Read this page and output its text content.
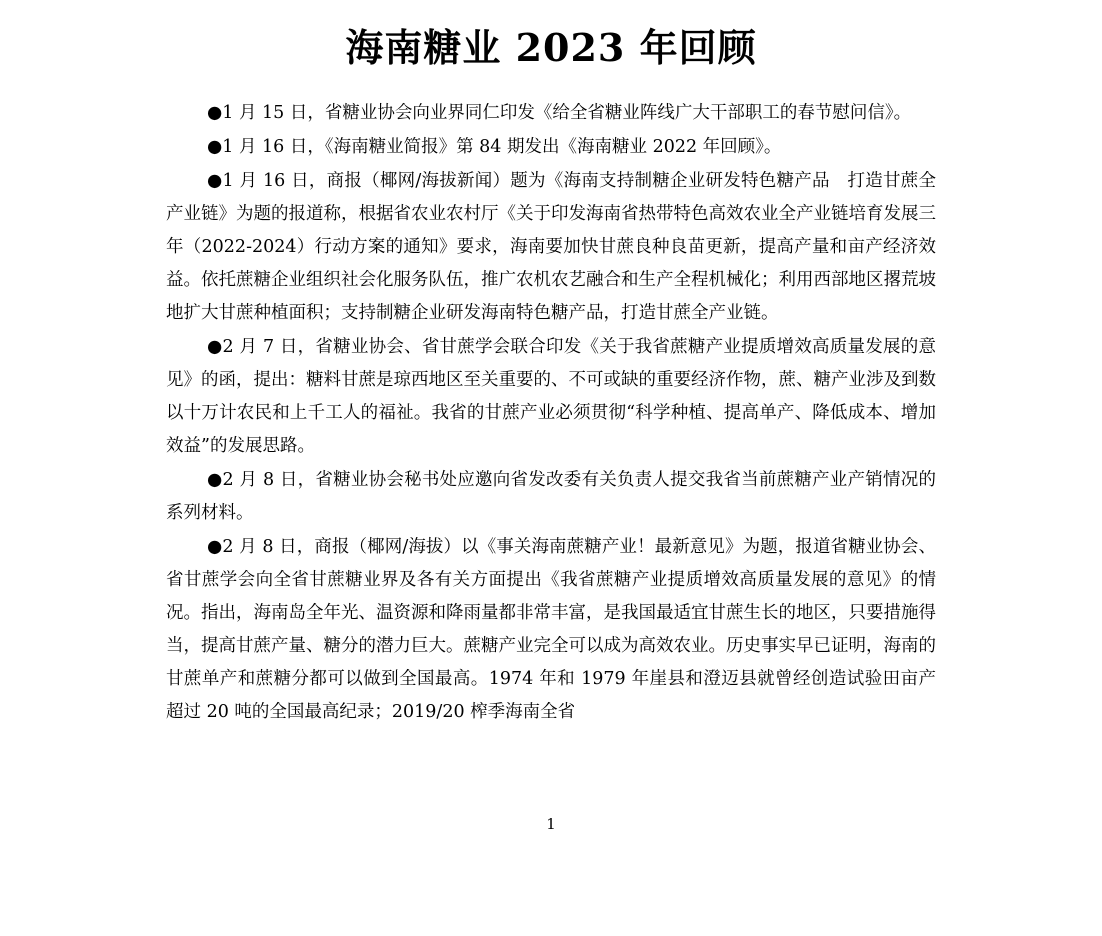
海南糖业 2023 年回顾

●1 月 15 日，省糖业协会向业界同仁印发《给全省糖业阵线广大干部职工的春节慰问信》。

●1 月 16 日，《海南糖业简报》第 84 期发出《海南糖业 2022 年回顾》。

●1 月 16 日，商报（椰网/海拔新闻）题为《海南支持制糖企业研发特色糖产品　打造甘蔗全产业链》为题的报道称，根据省农业农村厅《关于印发海南省热带特色高效农业全产业链培育发展三年（2022-2024）行动方案的通知》要求，海南要加快甘蔗良种良苗更新，提高产量和亩产经济效益。依托蔗糖企业组织社会化服务队伍，推广农机农艺融合和生产全程机械化；利用西部地区撂荒坡地扩大甘蔗种植面积；支持制糖企业研发海南特色糖产品，打造甘蔗全产业链。

●2 月 7 日，省糖业协会、省甘蔗学会联合印发《关于我省蔗糖产业提质增效高质量发展的意见》的函，提出：糖料甘蔗是琼西地区至关重要的、不可或缺的重要经济作物，蔗、糖产业涉及到数以十万计农民和上千工人的福祉。我省的甘蔗产业必须贯彻“科学种植、提高单产、降低成本、增加效益”的发展思路。

●2 月 8 日，省糖业协会秘书处应邀向省发改委有关负责人提交我省当前蔗糖产业产销情况的系列材料。

●2 月 8 日，商报（椰网/海拔）以《事关海南蔗糖产业！最新意见》为题，报道省糖业协会、省甘蔗学会向全省甘蔗糖业界及各有关方面提出《我省蔗糖产业提质增效高质量发展的意见》的情况。指出，海南岛全年光、温资源和降雨量都非常丰富，是我国最适宜甘蔗生长的地区，只要措施得当，提高甘蔗产量、糖分的潜力巨大。蔗糖产业完全可以成为高效农业。历史事实早已证明，海南的甘蔗单产和蔗糖分都可以做到全国最高。1974 年和 1979 年崖县和澄迈县就曾经创造试验田亩产超过 20 吨的全国最高纪录；2019/20 榨季海南全省

1
